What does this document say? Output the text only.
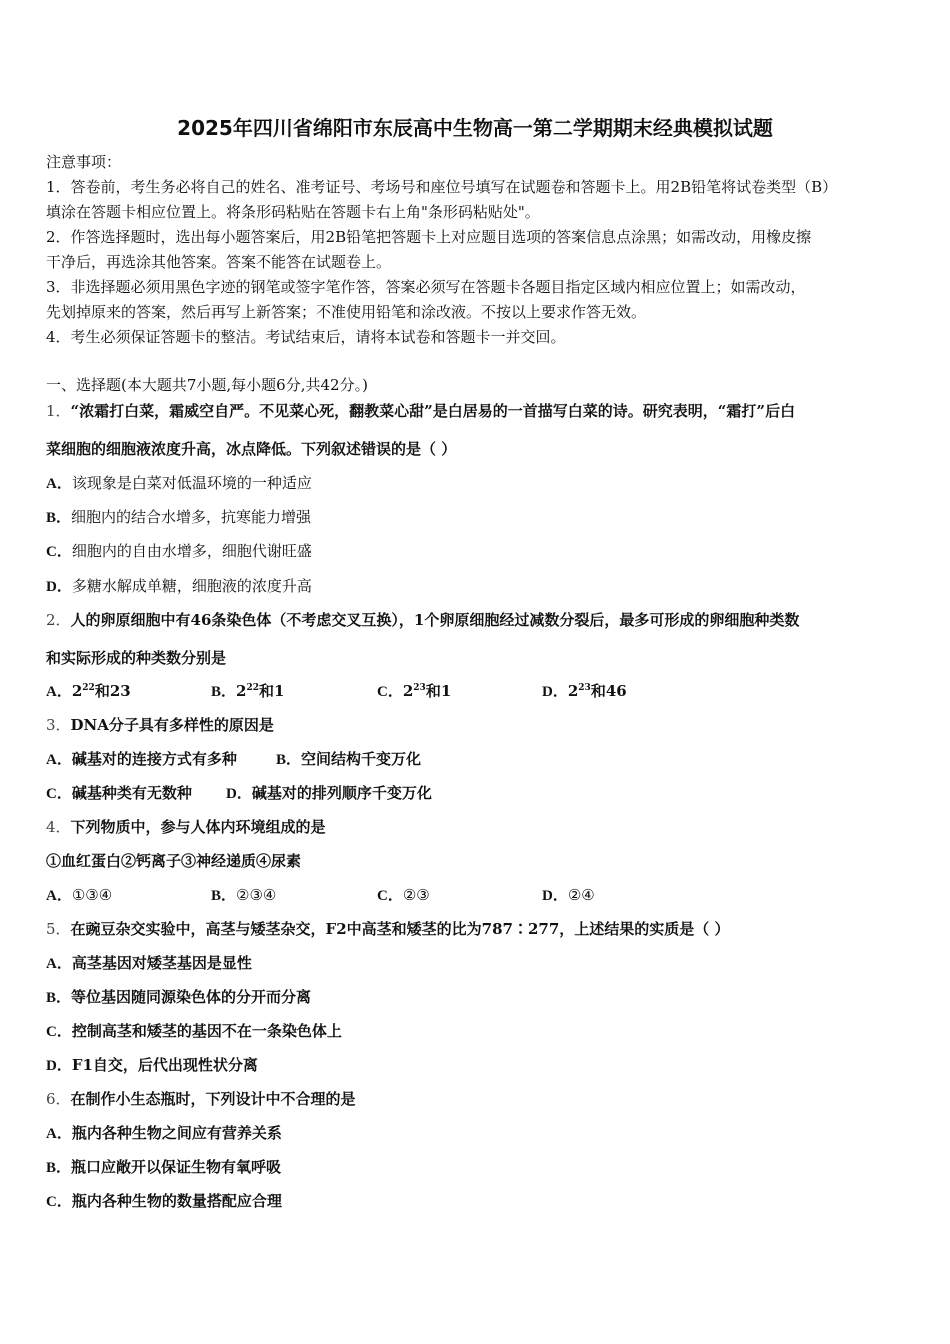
2025年四川省绵阳市东辰高中生物高一第二学期期末经典模拟试题

注意事项：

1．答卷前，考生务必将自己的姓名、准考证号、考场号和座位号填写在试题卷和答题卡上。用2B铅笔将试卷类型（B）

填涂在答题卡相应位置上。将条形码粘贴在答题卡右上角"条形码粘贴处"。

2．作答选择题时，选出每小题答案后，用2B铅笔把答题卡上对应题目选项的答案信息点涂黑；如需改动，用橡皮擦

干净后，再选涂其他答案。答案不能答在试题卷上。

3．非选择题必须用黑色字迹的钢笔或签字笔作答，答案必须写在答题卡各题目指定区域内相应位置上；如需改动，

先划掉原来的答案，然后再写上新答案；不准使用铅笔和涂改液。不按以上要求作答无效。

4．考生必须保证答题卡的整洁。考试结束后，请将本试卷和答题卡一并交回。

一、选择题(本大题共7小题,每小题6分,共42分。)
1．“浓霜打白菜，霜威空自严。不见菜心死，翻教菜心甜”是白居易的一首描写白菜的诗。研究表明，“霜打”后白
菜细胞的细胞液浓度升高，冰点降低。下列叙述错误的是（ ）
A．该现象是白菜对低温环境的一种适应
B．细胞内的结合水增多，抗寒能力增强
C．细胞内的自由水增多，细胞代谢旺盛
D．多糖水解成单糖，细胞液的浓度升高
2．人的卵原细胞中有46条染色体（不考虑交叉互换），1个卵原细胞经过减数分裂后，最多可形成的卵细胞种类数
和实际形成的种类数分别是
A．$2^{22}$和23	B．$2^{22}$和1	C．$2^{23}$和1	D．$2^{23}$和46
3．DNA分子具有多样性的原因是
A．碱基对的连接方式有多种	B．空间结构千变万化
C．碱基种类有无数种 D．碱基对的排列顺序千变万化
4．下列物质中，参与人体内环境组成的是
①血红蛋白②钙离子③神经递质④尿素
A．①③④	B．②③④	C．②③	D．②④
5．在豌豆杂交实验中，高茎与矮茎杂交，F2中高茎和矮茎的比为787∶277，上述结果的实质是（ ）
A．高茎基因对矮茎基因是显性
B．等位基因随同源染色体的分开而分离
C．控制高茎和矮茎的基因不在一条染色体上
D．F1自交，后代出现性状分离
6．在制作小生态瓶时，下列设计中不合理的是
A．瓶内各种生物之间应有营养关系
B．瓶口应敞开以保证生物有氧呼吸
C．瓶内各种生物的数量搭配应合理
